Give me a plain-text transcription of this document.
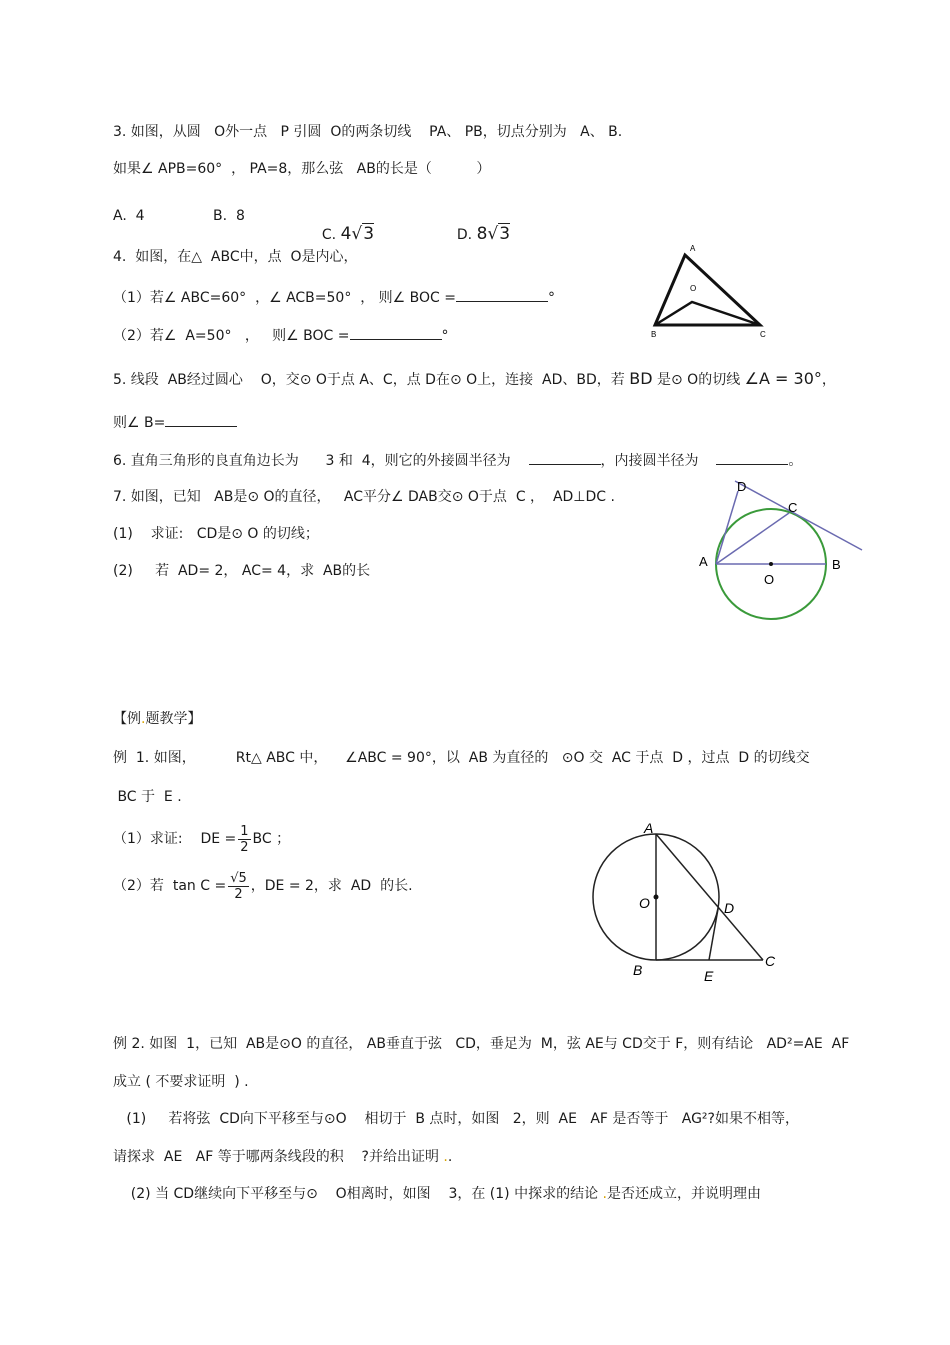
3. 如图，从圆   O外一点   P 引圆  O的两条切线    PA、 PB，切点分别为   A、 B.
如果∠ APB=60°  ， PA=8，那么弦   AB的长是（          ）
A.  4	B.  8

C. 4√3	D. 8√3

4.  如图，在△  ABC中，点  O是内心，
（1）若∠ ABC=60°  ，∠ ACB=50°  ， 则∠ BOC =	°
（2）若∠  A=50°   ，   则∠ BOC =	°
A
O
B	C
5. 线段  AB经过圆心    O，交⊙ O于点 A、C，点 D在⊙ O上，连接  AD、BD，若 BD 是⊙ O的切线 ∠A = 30°，
则∠ B=
6. 直角三角形的良直角边长为      3 和  4，则它的外接圆半径为	，内接圆半径为	。
7. 如图，已知   AB是⊙ O的直径，   AC平分∠ DAB交⊙ O于点  C ，  AD⊥DC .
(1)    求证:   CD是⊙ O 的切线；
(2)     若  AD= 2， AC= 4，求  AB的长
A	B
C
D
O
【例.题教学】
例  1. 如图，         Rt△ ABC 中，    ∠ABC = 90°，以  AB 为直径的   ⊙O 交  AC 于点  D ，过点  D 的切线交
BC 于  E .
（1）求证: DE = $\frac{1}{2}$ BC ；
（2）若 $\tan C = \frac{√5}{2}$ ，DE = 2，求  AD  的长.
A
O	D
B	E
C
例 2. 如图  1，已知  AB是⊙O 的直径， AB垂直于弦   CD，垂足为  M，弦 AE与 CD交于 F，则有结论   AD²=AE  AF
成立 ( 不要求证明  ) .
(1)     若将弦  CD向下平移至与⊙O    相切于  B 点时，如图   2，则  AE   AF 是否等于   AG²?如果不相等，
请探求  AE   AF 等于哪两条线段的积    ?并给出证明 ..
(2) 当 CD继续向下平移至与⊙    O相离时，如图    3，在 (1) 中探求的结论 .是否还成立，并说明理由
